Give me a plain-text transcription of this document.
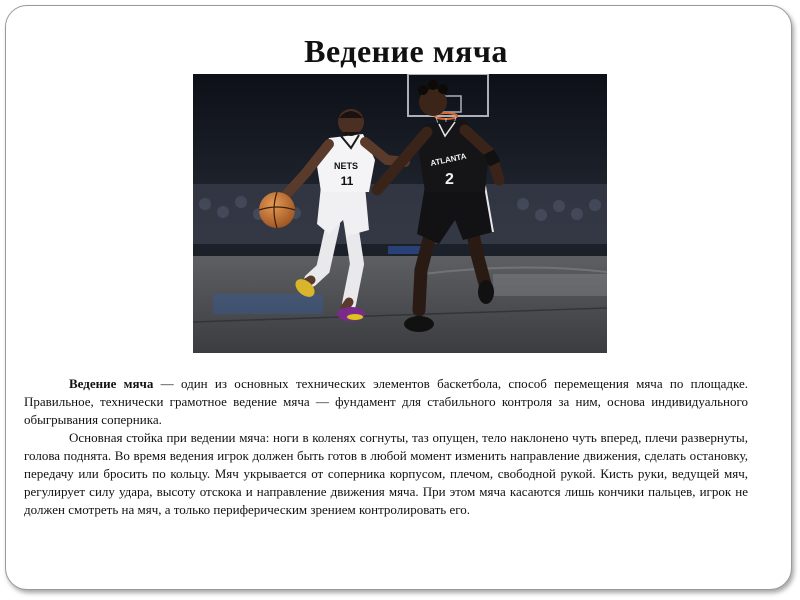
Ведение мяча
NETS
11
ATLANTA
2

Ведение мяча — один из основных технических элементов баскетбола, способ перемещения мяча по площадке. Правильное, технически грамотное ведение мяча — фундамент для стабильного контроля за ним, основа индивидуального обыгрывания соперника.

Основная стойка при ведении мяча: ноги в коленях согнуты, таз опущен, тело наклонено чуть вперед, плечи развернуты, голова поднята. Во время ведения игрок должен быть готов в любой момент изменить направление движения, сделать остановку, передачу или бросить по кольцу. Мяч укрывается от соперника корпусом, плечом, свободной рукой. Кисть руки, ведущей мяч, регулирует силу удара, высоту отскока и направление движения мяча. При этом мяча касаются лишь кончики пальцев, игрок не должен смотреть на мяч, а только периферическим зрением контролировать его.
